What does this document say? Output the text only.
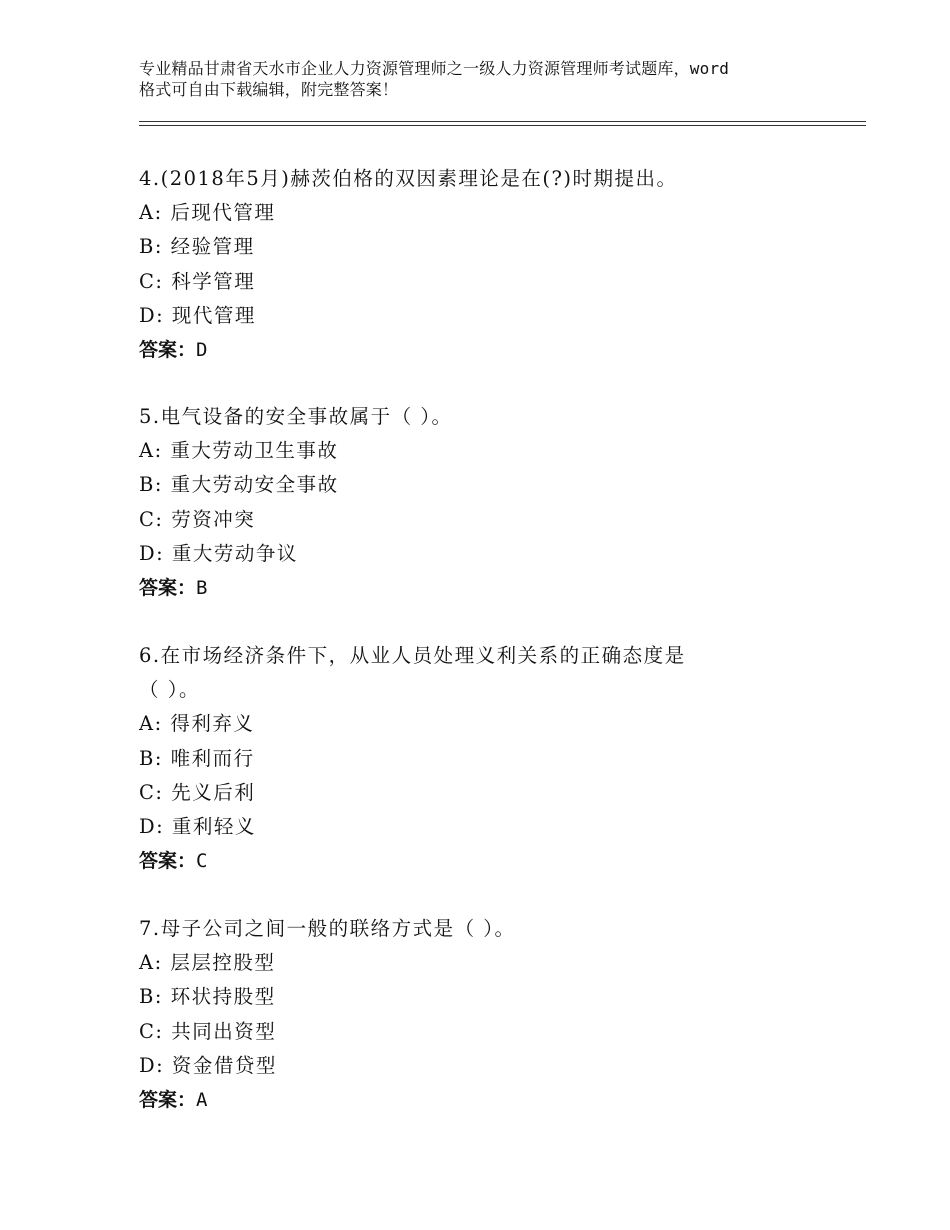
专业精品甘肃省天水市企业人力资源管理师之一级人力资源管理师考试题库，word
格式可自由下载编辑，附完整答案！
4.(2018年5月)赫茨伯格的双因素理论是在(?)时期提出。
A: 后现代管理
B: 经验管理
C: 科学管理
D: 现代管理
答案：D
5.电气设备的安全事故属于（ ）。
A: 重大劳动卫生事故
B: 重大劳动安全事故
C: 劳资冲突
D: 重大劳动争议
答案：B
6.在市场经济条件下，从业人员处理义利关系的正确态度是
（ ）。
A: 得利弃义
B: 唯利而行
C: 先义后利
D: 重利轻义
答案：C
7.母子公司之间一般的联络方式是（ ）。
A: 层层控股型
B: 环状持股型
C: 共同出资型
D: 资金借贷型
答案：A
